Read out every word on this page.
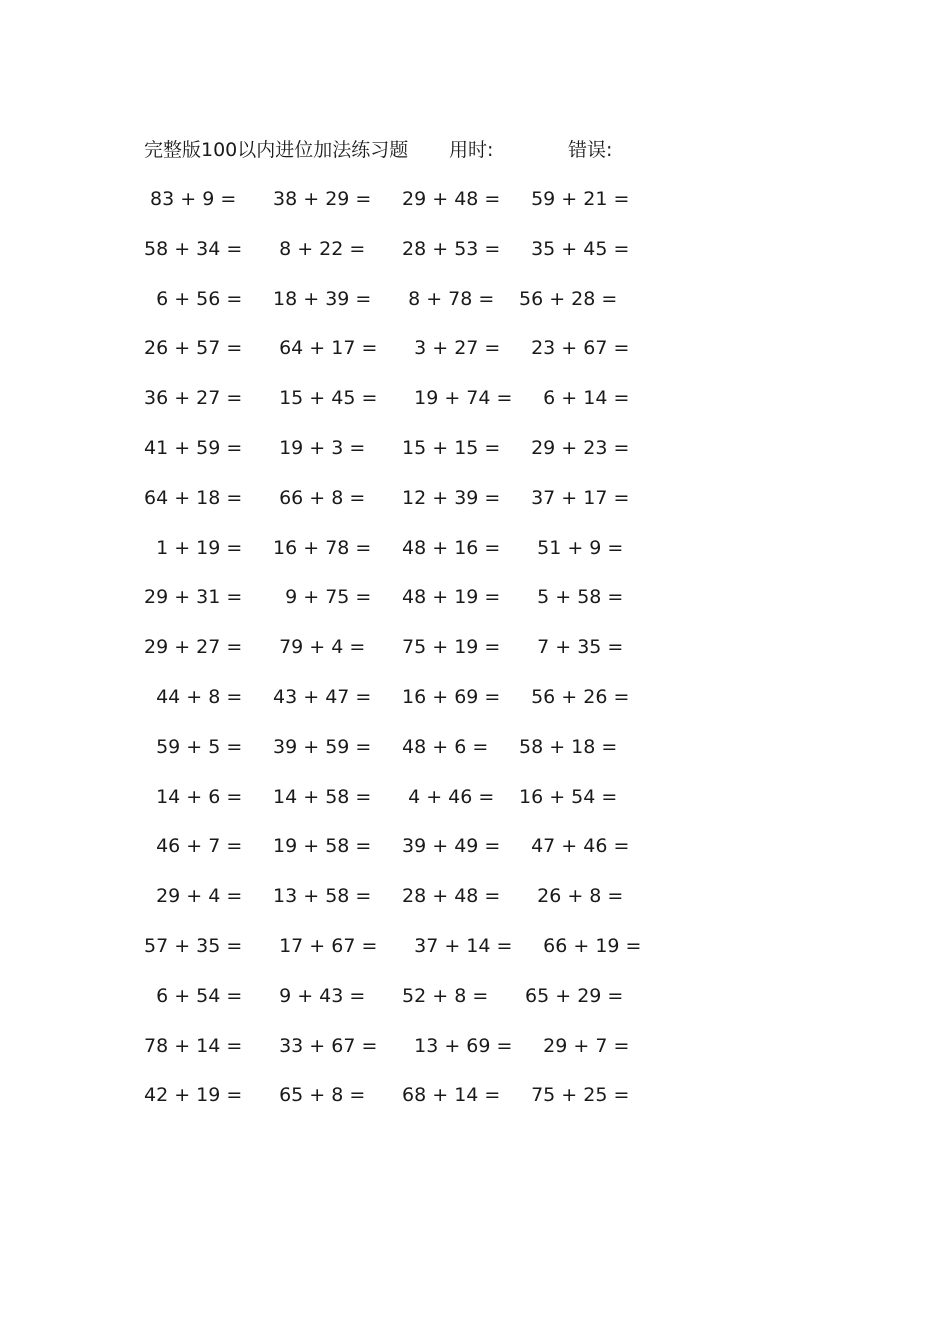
完整版100以内进位加法练习题 用时:	错误:
83 + 9 =	38 + 29 =	29 + 48 = 59 + 21 =
58 + 34 =	8 + 22 =	28 + 53 = 35 + 45 =
6 + 56 =	18 + 39 =	8 + 78 =	56 + 28 =
26 + 57 =	64 + 17 = 3 + 27 = 23 + 67 =
36 + 27 =	15 + 45 = 19 + 74 = 6 + 14 =
41 + 59 =	19 + 3 =	15 + 15 = 29 + 23 =
64 + 18 =	66 + 8 =	12 + 39 = 37 + 17 =
1 + 19 =	16 + 78 =	48 + 16 = 51 + 9 =
29 + 31 =	9 + 75 =	48 + 19 = 5 + 58 =
29 + 27 =	79 + 4 =	75 + 19 = 7 + 35 =
44 + 8 =	43 + 47 =	16 + 69 = 56 + 26 =
59 + 5 =	39 + 59 =	48 + 6 =	58 + 18 =
14 + 6 =	14 + 58 =	4 + 46 =	16 + 54 =
46 + 7 =	19 + 58 =	39 + 49 = 47 + 46 =
29 + 4 =	13 + 58 =	28 + 48 = 26 + 8 =
57 + 35 =	17 + 67 = 37 + 14 = 66 + 19 =
6 + 54 =	9 + 43 =	52 + 8 =	65 + 29 =
78 + 14 =	33 + 67 = 13 + 69 = 29 + 7 =
42 + 19 =	65 + 8 =	68 + 14 = 75 + 25 =
